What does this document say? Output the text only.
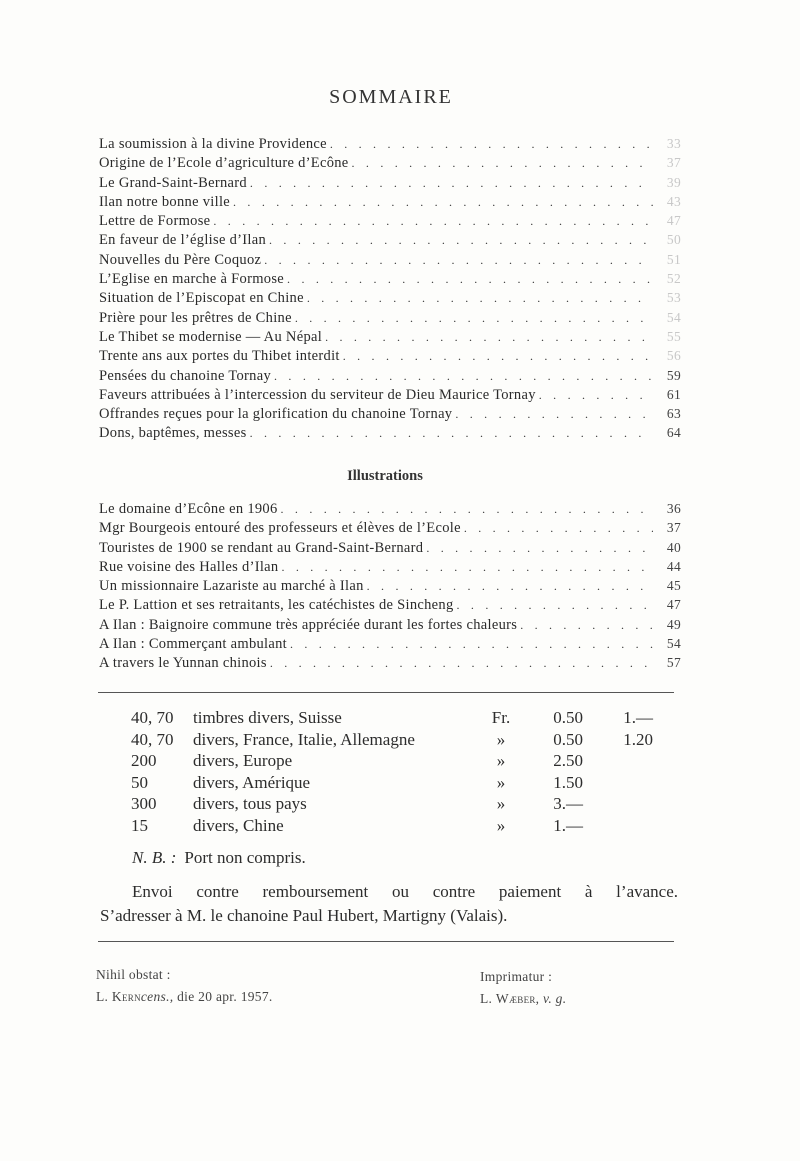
SOMMAIRE
La soumission à la divine Providence . . .	33
Origine de l’Ecole d’agriculture d’Ecône . . .	37
Le Grand-Saint-Bernard . . .	39
Ilan notre bonne ville . . .	43
Lettre de Formose . . .	47
En faveur de l’église d’Ilan . . .	50
Nouvelles du Père Coquoz . . .	51
L’Eglise en marche à Formose . . .	52
Situation de l’Episcopat en Chine . . .	53
Prière pour les prêtres de Chine . . .	54
Le Thibet se modernise — Au Népal . . .	55
Trente ans aux portes du Thibet interdit . . .	56
Pensées du chanoine Tornay . . .	59
Faveurs attribuées à l’intercession du serviteur de Dieu Maurice Tornay . . .	61
Offrandes reçues pour la glorification du chanoine Tornay . . .	63
Dons, baptêmes, messes . . .	64
Illustrations
Le domaine d’Ecône en 1906 . . .	36
Mgr Bourgeois entouré des professeurs et élèves de l’Ecole . . .	37
Touristes de 1900 se rendant au Grand-Saint-Bernard . . .	40
Rue voisine des Halles d’Ilan . . .	44
Un missionnaire Lazariste au marché à Ilan . . .	45
Le P. Lattion et ses retraitants, les catéchistes de Sincheng . . .	47
A Ilan : Baignoire commune très appréciée durant les fortes chaleurs . . .	49
A Ilan : Commerçant ambulant . . .	54
A travers le Yunnan chinois . . .	57
40, 70	timbres divers, Suisse	Fr.	0.50	1.—
40, 70	divers, France, Italie, Allemagne	»	0.50	1.20
200	divers, Europe	»	2.50
50	divers, Amérique	»	1.50
300	divers, tous pays	»	3.—
15	divers, Chine	»	1.—
N. B. : Port non compris.
Envoi contre remboursement ou contre paiement à l’avance.
S’adresser à M. le chanoine Paul Hubert, Martigny (Valais).
Nihil obstat :
L. Kerncens., die 20 apr. 1957.
Imprimatur :
L. Wæber, v. g.
